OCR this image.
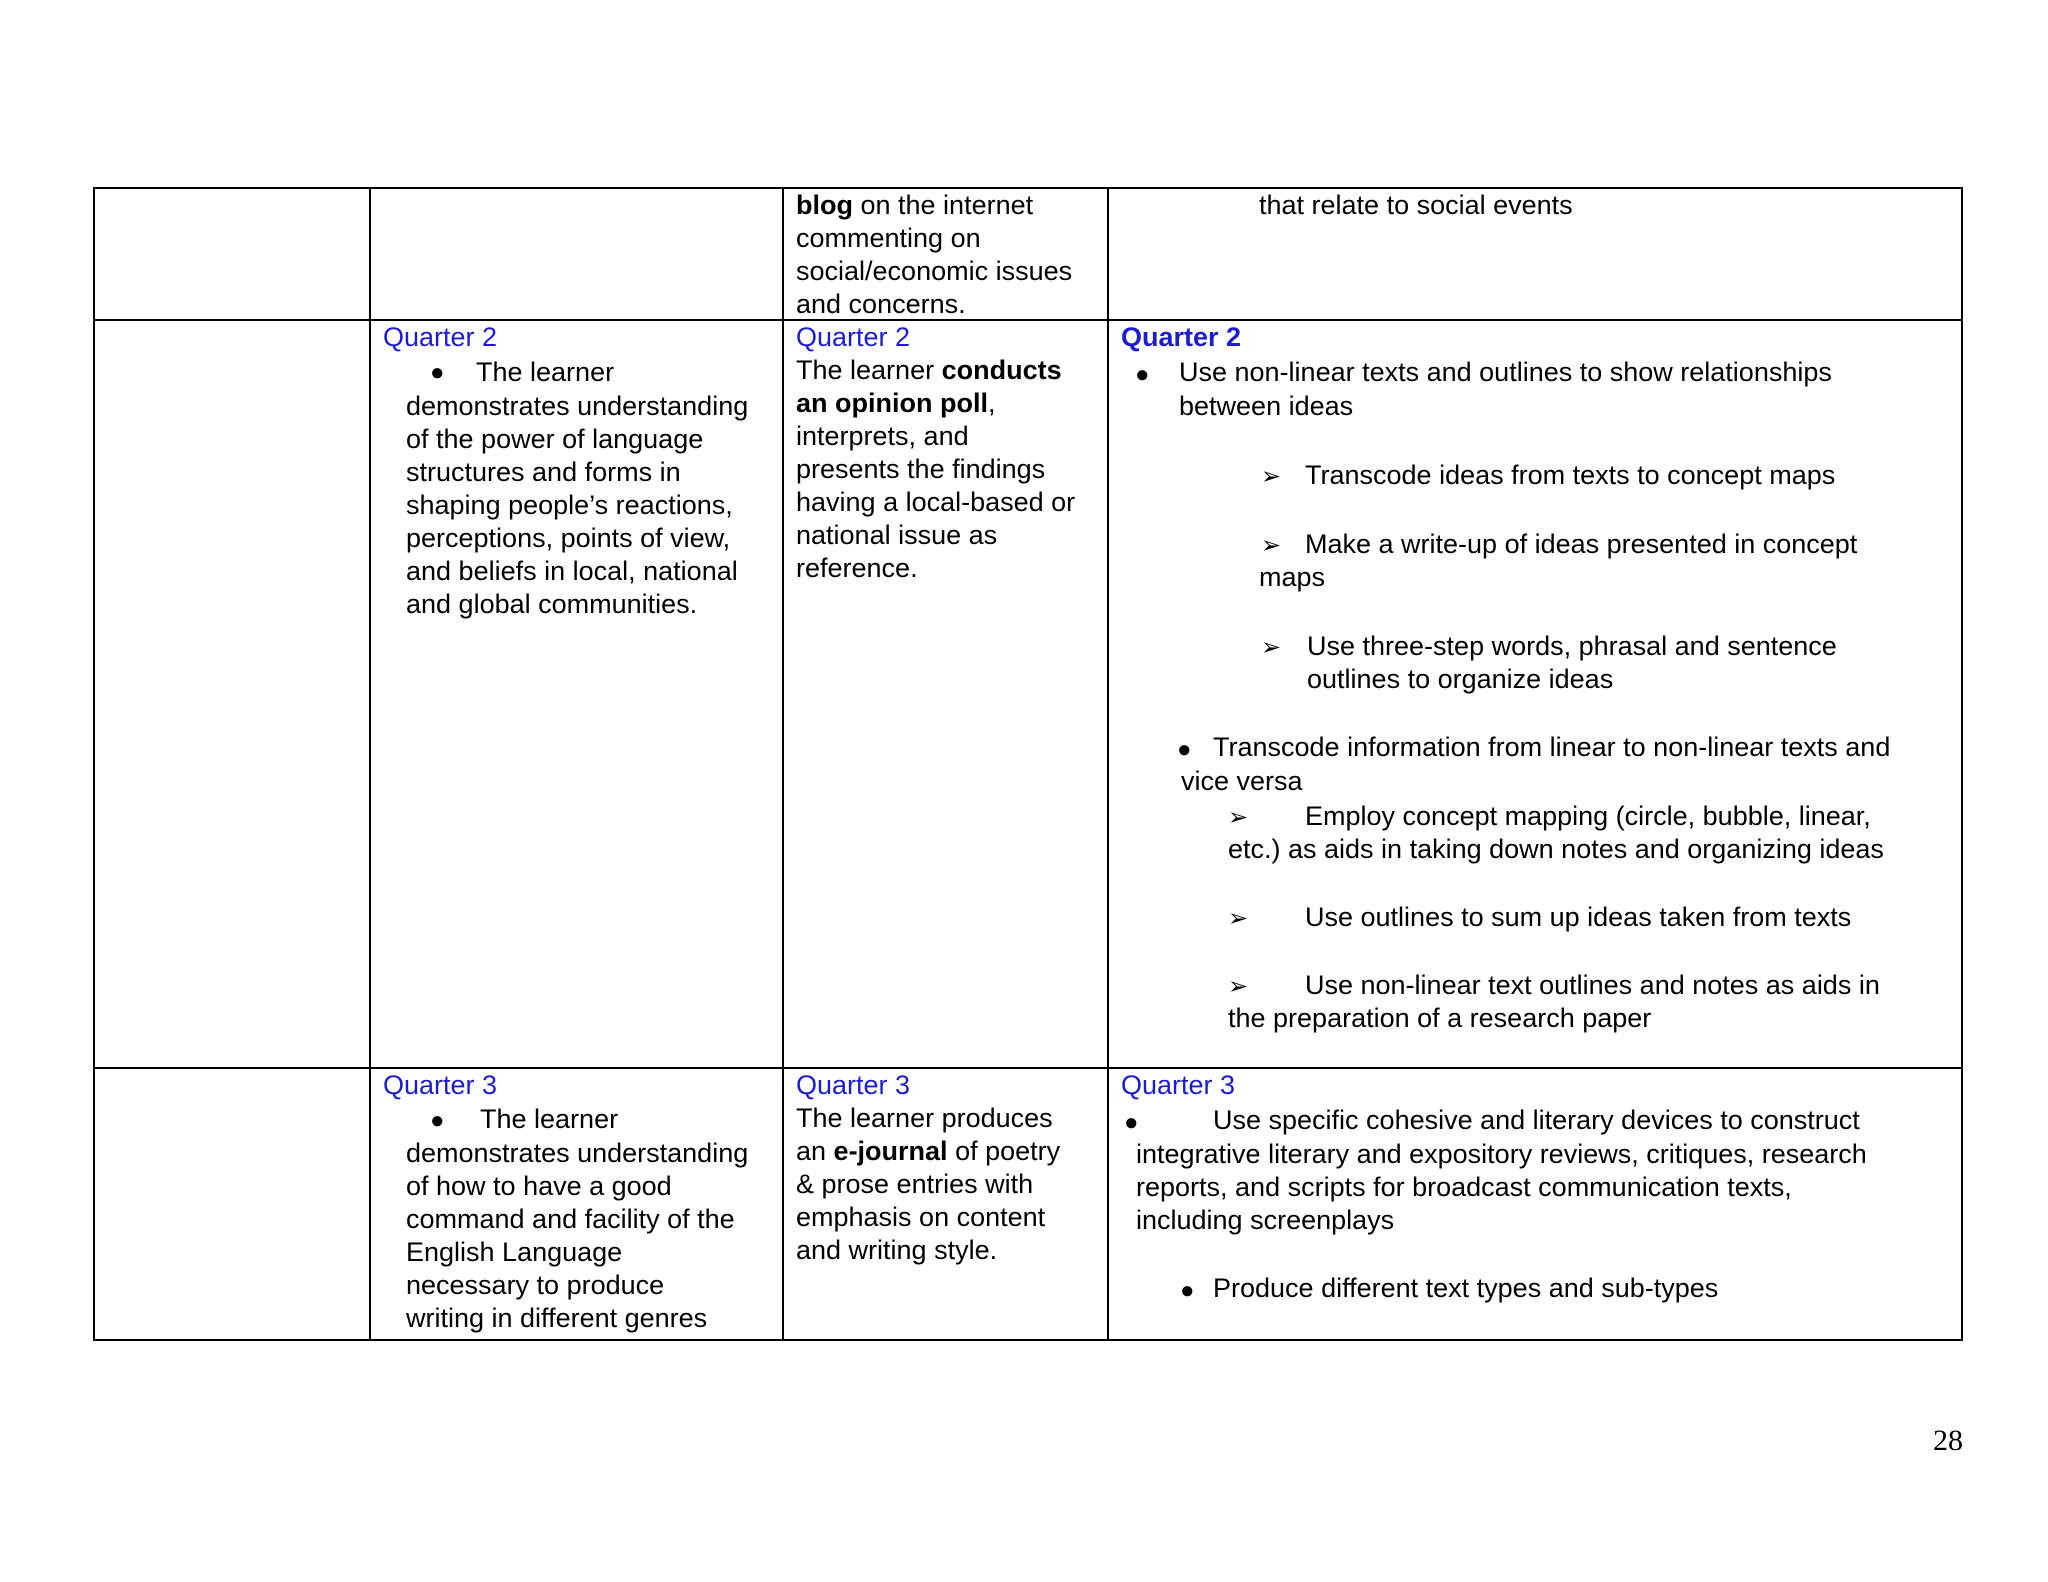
blog on the internet
commenting on
social/economic issues
and concerns.
that relate to social events
Quarter 2
● The learner
demonstrates understanding
of the power of language
structures and forms in
shaping people’s reactions,
perceptions, points of view,
and beliefs in local, national
and global communities.
Quarter 2
The learner conducts
an opinion poll,
interprets, and
presents the findings
having a local-based or
national issue as
reference.
Quarter 2
● Use non-linear texts and outlines to show relationships
between ideas
➢ Transcode ideas from texts to concept maps
➢ Make a write-up of ideas presented in concept
maps
➢ Use three-step words, phrasal and sentence
outlines to organize ideas
● Transcode information from linear to non-linear texts and
vice versa
➢ Employ concept mapping (circle, bubble, linear,
etc.) as aids in taking down notes and organizing ideas
➢ Use outlines to sum up ideas taken from texts
➢ Use non-linear text outlines and notes as aids in
the preparation of a research paper
Quarter 3
● The learner
demonstrates understanding
of how to have a good
command and facility of the
English Language
necessary to produce
writing in different genres
Quarter 3
The learner produces
an e-journal of poetry
& prose entries with
emphasis on content
and writing style.
Quarter 3
●	Use specific cohesive and literary devices to construct
integrative literary and expository reviews, critiques, research
reports, and scripts for broadcast communication texts,
including screenplays
● Produce different text types and sub-types
28
